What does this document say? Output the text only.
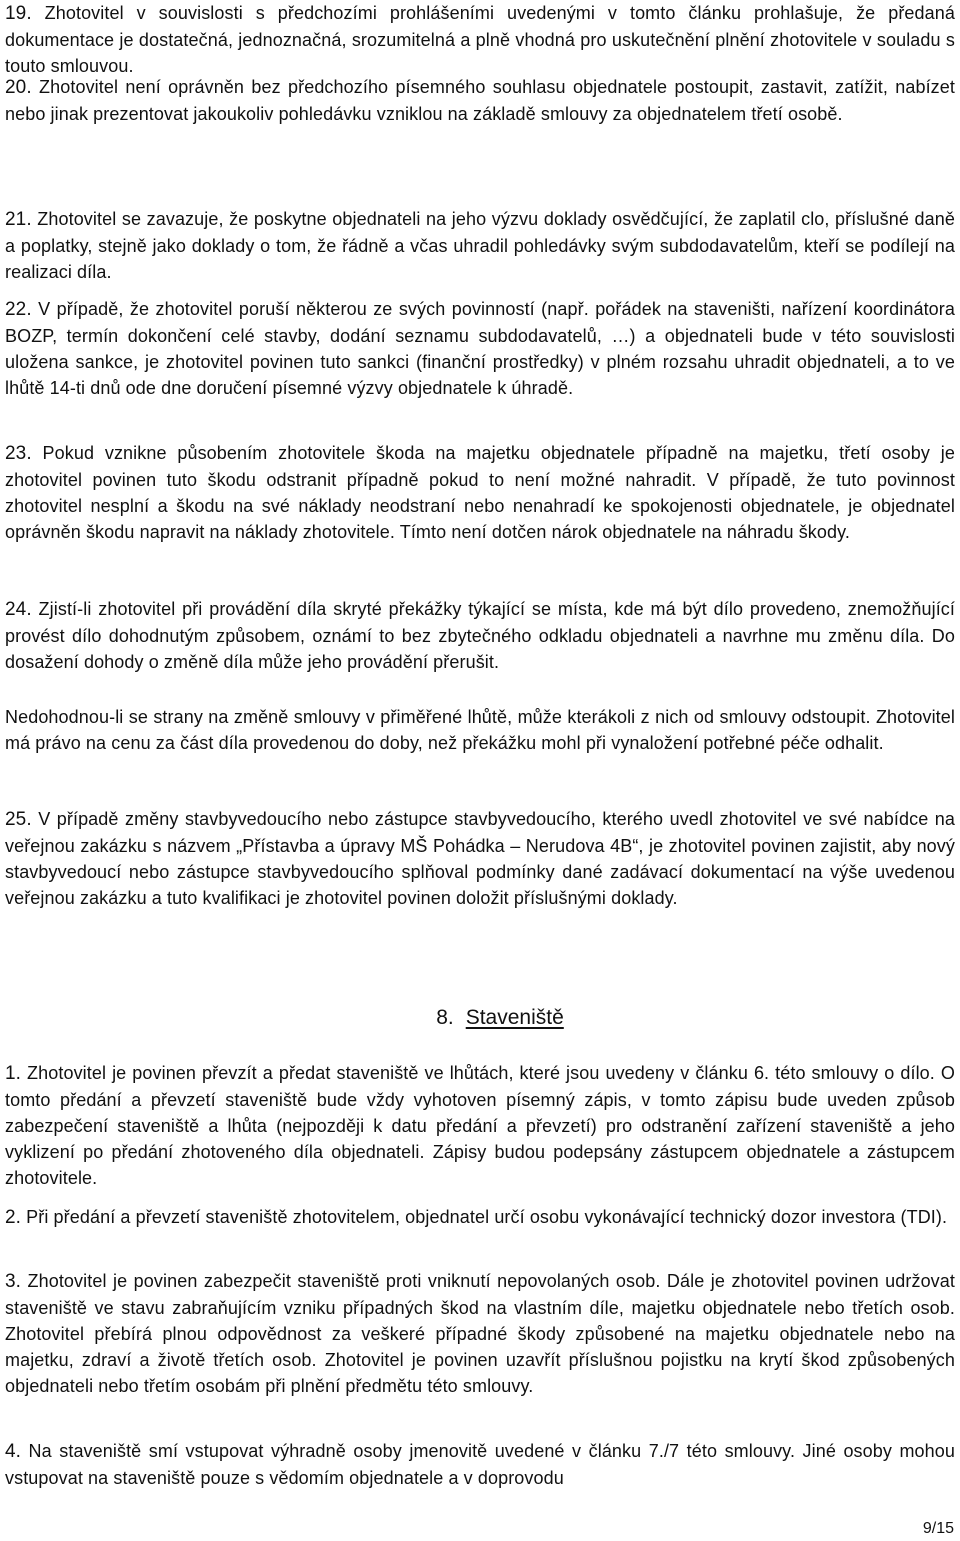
19. Zhotovitel v souvislosti s předchozími prohlášeními uvedenými v tomto článku prohlašuje, že předaná dokumentace je dostatečná, jednoznačná, srozumitelná a plně vhodná pro uskutečnění plnění zhotovitele v souladu s touto smlouvou.

20. Zhotovitel není oprávněn bez předchozího písemného souhlasu objednatele postoupit, zastavit, zatížit, nabízet nebo jinak prezentovat jakoukoliv pohledávku vzniklou na základě smlouvy za objednatelem třetí osobě.

21. Zhotovitel se zavazuje, že poskytne objednateli na jeho výzvu doklady osvědčující, že zaplatil clo, příslušné daně a poplatky, stejně jako doklady o tom, že řádně a včas uhradil pohledávky svým subdodavatelům, kteří se podílejí na realizaci díla.

22. V případě, že zhotovitel poruší některou ze svých povinností (např. pořádek na staveništi, nařízení koordinátora BOZP, termín dokončení celé stavby, dodání seznamu subdodavatelů, …) a objednateli bude v této souvislosti uložena sankce, je zhotovitel povinen tuto sankci (finanční prostředky) v plném rozsahu uhradit objednateli, a to ve lhůtě 14-ti dnů ode dne doručení písemné výzvy objednatele k úhradě.

23. Pokud vznikne působením zhotovitele škoda na majetku objednatele případně na majetku, třetí osoby je zhotovitel povinen tuto škodu odstranit případně pokud to není možné nahradit. V případě, že tuto povinnost zhotovitel nesplní a škodu na své náklady neodstraní nebo nenahradí ke spokojenosti objednatele, je objednatel oprávněn škodu napravit na náklady zhotovitele. Tímto není dotčen nárok objednatele na náhradu škody.

24. Zjistí-li zhotovitel při provádění díla skryté překážky týkající se místa, kde má být dílo provedeno, znemožňující provést dílo dohodnutým způsobem, oznámí to bez zbytečného odkladu objednateli a navrhne mu změnu díla. Do dosažení dohody o změně díla může jeho provádění přerušit.

Nedohodnou-li se strany na změně smlouvy v přiměřené lhůtě, může kterákoli z nich od smlouvy odstoupit. Zhotovitel má právo na cenu za část díla provedenou do doby, než překážku mohl při vynaložení potřebné péče odhalit.

25. V případě změny stavbyvedoucího nebo zástupce stavbyvedoucího, kterého uvedl zhotovitel ve své nabídce na veřejnou zakázku s názvem „Přístavba a úpravy MŠ Pohádka – Nerudova 4B“, je zhotovitel povinen zajistit, aby nový stavbyvedoucí nebo zástupce stavbyvedoucího splňoval podmínky dané zadávací dokumentací na výše uvedenou veřejnou zakázku a tuto kvalifikaci je zhotovitel povinen doložit příslušnými doklady.

8. Staveniště

1. Zhotovitel je povinen převzít a předat staveniště ve lhůtách, které jsou uvedeny v článku 6. této smlouvy o dílo. O tomto předání a převzetí staveniště bude vždy vyhotoven písemný zápis, v tomto zápisu bude uveden způsob zabezpečení staveniště a lhůta (nejpozději k datu předání a převzetí) pro odstranění zařízení staveniště a jeho vyklizení po předání zhotoveného díla objednateli. Zápisy budou podepsány zástupcem objednatele a zástupcem zhotovitele.

2. Při předání a převzetí staveniště zhotovitelem, objednatel určí osobu vykonávající technický dozor investora (TDI).

3. Zhotovitel je povinen zabezpečit staveniště proti vniknutí nepovolaných osob. Dále je zhotovitel povinen udržovat staveniště ve stavu zabraňujícím vzniku případných škod na vlastním díle, majetku objednatele nebo třetích osob. Zhotovitel přebírá plnou odpovědnost za veškeré případné škody způsobené na majetku objednatele nebo na majetku, zdraví a životě třetích osob. Zhotovitel je povinen uzavřít příslušnou pojistku na krytí škod způsobených objednateli nebo třetím osobám při plnění předmětu této smlouvy.

4. Na staveniště smí vstupovat výhradně osoby jmenovitě uvedené v článku 7./7 této smlouvy. Jiné osoby mohou vstupovat na staveniště pouze s vědomím objednatele a v doprovodu

9/15
